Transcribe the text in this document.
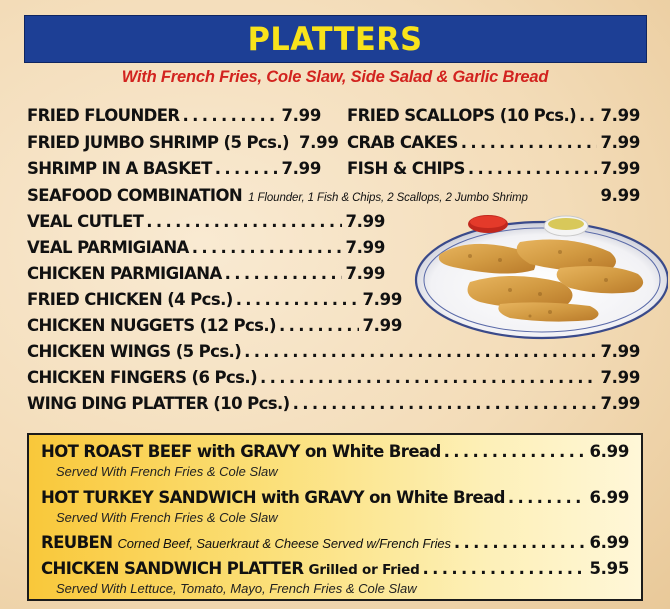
PLATTERS
With French Fries, Cole Slaw, Side Salad & Garlic Bread
FRIED FLOUNDER . . .	7.99
FRIED JUMBO SHRIMP (5 Pcs.) 7.99
SHRIMP IN A BASKET . . .	7.99
FRIED SCALLOPS (10 Pcs.) . . . 7.99
CRAB CAKES . . .	7.99
FISH & CHIPS . . .	7.99
SEAFOOD COMBINATION 1 Flounder, 1 Fish & Chips, 2 Scallops, 2 Jumbo Shrimp	9.99
VEAL CUTLET . . .	7.99
VEAL PARMIGIANA . . .	7.99
CHICKEN PARMIGIANA . . .	7.99
FRIED CHICKEN (4 Pcs.) . . .	7.99
CHICKEN NUGGETS (12 Pcs.) . . .	7.99
CHICKEN WINGS (5 Pcs.) . . .	7.99
CHICKEN FINGERS (6 Pcs.) . . .	7.99
WING DING PLATTER (10 Pcs.) . . .	7.99
HOT ROAST BEEF with GRAVY on White Bread . . .	6.99
Served With French Fries & Cole Slaw
HOT TURKEY SANDWICH with GRAVY on White Bread . . .	6.99
Served With French Fries & Cole Slaw
REUBEN Corned Beef, Sauerkraut & Cheese Served w/French Fries . . .	6.99
CHICKEN SANDWICH PLATTER Grilled or Fried . . .	5.95
Served With Lettuce, Tomato, Mayo, French Fries & Cole Slaw
